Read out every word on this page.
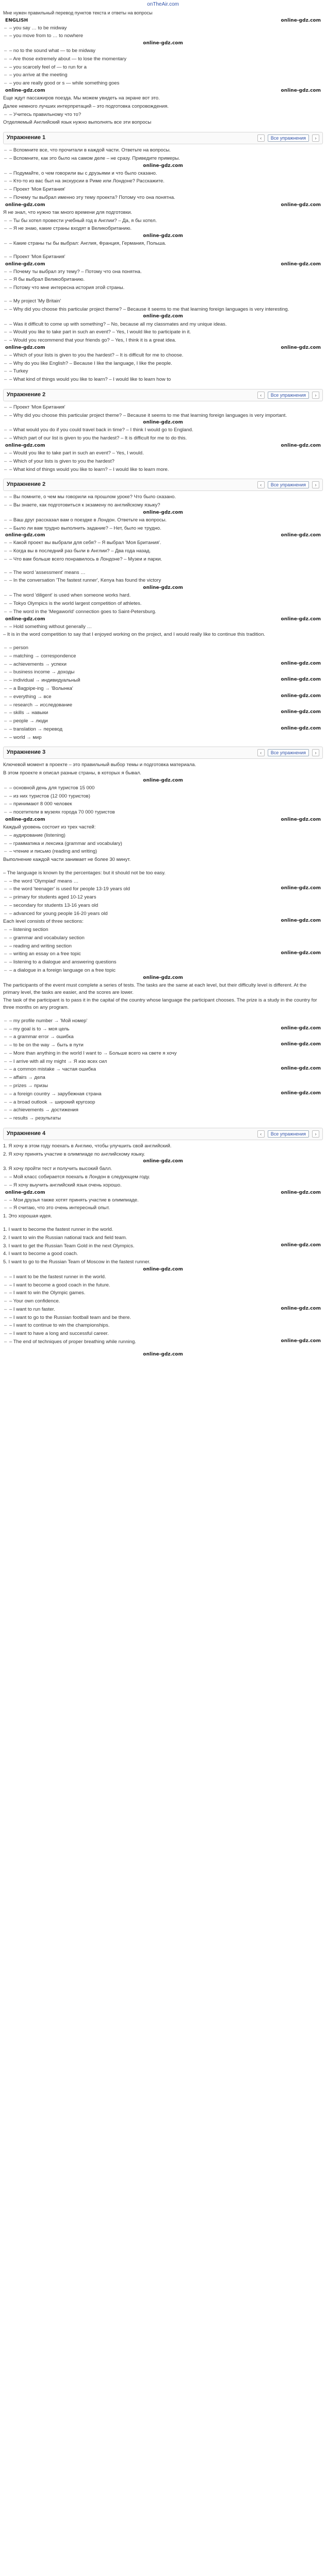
onTheAir.com
Мне нужен правильный перевод пунктов текста и ответы на вопросы
ENGLISH	online-gdz.com
– – you say … to be midway
– – you move from to … to nowhere
online-gdz.com
– – no to the sound what — to be midway
– – Are those extremely about — to lose the momentary
– – you scarcely feel of — to run for a
– – you arrive at the meeting
– – you are really good or s — while something goes
online-gdz.com	online-gdz.com
Еще ждут пассажиров поезда. Мы можем увидеть на экране вот это.
Далее немного лучших интерпретаций – это подготовка сопровождения.
– – Учитесь правильному что то?
Отделяемый Английский язык нужно выполнять все эти вопросы
Упражнение 1	‹	Все упражнения	›
– – Вспомните все, что прочитали в каждой части. Ответьте на вопросы.
– – Вспомните, как это было на самом деле – не сразу. Приведите примеры.
online-gdz.com
– – Подумайте, о чем говорили вы с друзьями и что было сказано.
– – Кто-то из вас был на экскурсии в Риме или Лондоне? Расскажите.
– – Проект 'Моя Британия'
– – Почему ты выбрал именно эту тему проекта? Потому что она понятна.
online-gdz.com	online-gdz.com
Я не знал, что нужно так много времени для подготовки.
– – Ты бы хотел провести учебный год в Англии? – Да, я бы хотел.
– – Я не знаю, какие страны входят в Великобританию.
online-gdz.com
– – Какие страны ты бы выбрал: Англия, Франция, Германия, Польша.
– – Проект 'Моя Британия'
online-gdz.com	online-gdz.com
– – Почему ты выбрал эту тему? – Потому что она понятна.
– – Я бы выбрал Великобританию.
– – Потому что мне интересна история этой страны.
– – My project 'My Britain'
– – Why did you choose this particular project theme? – Because it seems to me that learning foreign languages is very interesting.
online-gdz.com
– – Was it difficult to come up with something? – No, because all my classmates and my unique ideas.
– – Would you like to take part in such an event? – Yes, I would like to participate in it.
– – Would you recommend that your friends go? – Yes, I think it is a great idea.
online-gdz.com	online-gdz.com
– – Which of your lists is given to you the hardest? – It is difficult for me to choose.
– – Why do you like English? – Because I like the language, I like the people.
– – Turkey
– – What kind of things would you like to learn? – I would like to learn how to
Упражнение 2	‹	Все упражнения	›
– – Проект 'Моя Британия'
– – Why did you choose this particular project theme? – Because it seems to me that learning foreign languages is very important.
online-gdz.com
– – What would you do if you could travel back in time? – I think I would go to England.
– – Which part of our list is given to you the hardest? – It is difficult for me to do this.
online-gdz.com	online-gdz.com
– – Would you like to take part in such an event? – Yes, I would.
– – Which of your lists is given to you the hardest?
– – What kind of things would you like to learn? – I would like to learn more.
Упражнение 2	‹	Все упражнения	›
– – Вы помните, о чем мы говорили на прошлом уроке? Что было сказано.
– – Вы знаете, как подготовиться к экзамену по английскому языку?
online-gdz.com
– – Ваш друг рассказал вам о поездке в Лондон. Ответьте на вопросы.
– – Было ли вам трудно выполнить задание? – Нет, было не трудно.
online-gdz.com	online-gdz.com
– – Какой проект вы выбрали для себя? – Я выбрал 'Моя Британия'.
– – Когда вы в последний раз были в Англии? – Два года назад.
– – Что вам больше всего понравилось в Лондоне? – Музеи и парки.
– – The word 'assessment' means …
– – In the conversation 'The fastest runner', Kenya has found the victory
online-gdz.com
– – The word 'diligent' is used when someone works hard.
– – Tokyo Olympics is the world largest competition of athletes.
– – The word in the 'Megaworld' connection goes to Saint-Petersburg.
online-gdz.com	online-gdz.com
– – Hold something without generally …
– It is in the word competition to say that I enjoyed working on the project, and I would really like to continue this tradition.
– – person
– – matching → correspondence
online-gdz.com
– – achievements → успехи
– – business income → доходы
online-gdz.com
– – individual → индивидуальный
– – a Bagpipe-ing → 'Волынка'
online-gdz.com
– – everything → все
– – research → исследование
online-gdz.com
– – skills → навыки
– – people → люди
online-gdz.com
– – translation → перевод
– – world → мир
Упражнение 3	‹	Все упражнения	›
Ключевой момент в проекте – это правильный выбор темы и подготовка материала.
В этом проекте я описал разные страны, в которых я бывал.
online-gdz.com
– – основной день для туристов 15 000
– – из них туристов (12 000 туристов)
– – принимают 8 000 человек
– – посетители в музеях города 70 000 туристов
online-gdz.com	online-gdz.com
Каждый уровень состоит из трех частей:
– – аудирование (listening)
– – грамматика и лексика (grammar and vocabulary)
– – чтение и письмо (reading and writing)
Выполнение каждой части занимает не более 30 минут.
– The language is known by the percentages: but it should not be too easy.
– – the word 'Olympiad' means …
online-gdz.com
– – the word 'teenager' is used for people 13-19 years old
– – primary for students aged 10-12 years
– – secondary for students 13-16 years old
– – advanced for young people 16-20 years old
online-gdz.com
Each level consists of three sections:
– – listening section
– – grammar and vocabulary section
– – reading and writing section
online-gdz.com
– – writing an essay on a free topic
– – listening to a dialogue and answering questions
– – a dialogue in a foreign language on a free topic
online-gdz.com
The participants of the event must complete a series of tests. The tasks are the same at each level, but their difficulty level is different. At the primary level, the tasks are easier, and the scores are lower.
The task of the participant is to pass it in the capital of the country whose language the participant chooses. The prize is a study in the country for three months on any program.
– – my profile number → 'Мой номер'
online-gdz.com
– – my goal is to → моя цель
– – a grammar error → ошибка
online-gdz.com
– – to be on the way → быть в пути
– – More than anything in the world I want to → Больше всего на свете я хочу
– – I arrive with all my might → Я изо всех сил
online-gdz.com
– – a common mistake → частая ошибка
– – affairs → дела
– – prizes → призы
online-gdz.com
– – a foreign country → зарубежная страна
– – a broad outlook → широкий кругозор
– – achievements → достижения
– – results → результаты
Упражнение 4	‹	Все упражнения	›
1. Я хочу в этом году поехать в Англию, чтобы улучшить свой английский.
2. Я хочу принять участие в олимпиаде по английскому языку.
online-gdz.com
3. Я хочу пройти тест и получить высокий балл.
– – Мой класс собирается поехать в Лондон в следующем году.
– – Я хочу выучить английский язык очень хорошо.
online-gdz.com	online-gdz.com
– – Мои друзья также хотят принять участие в олимпиаде.
– – Я считаю, что это очень интересный опыт.
1. Это хорошая идея.
1. I want to become the fastest runner in the world.
2. I want to win the Russian national track and field team.
online-gdz.com
3. I want to get the Russian Team Gold in the next Olympics.
4. I want to become a good coach.
5. I want to go to the Russian Team of Moscow in the fastest runner.
online-gdz.com
– – I want to be the fastest runner in the world.
– – I want to become a good coach in the future.
– – I want to win the Olympic games.
– – Your own confidence.
online-gdz.com
– – I want to run faster.
– – I want to go to the Russian football team and be there.
– – I want to continue to win the championships.
– – I want to have a long and successful career.
online-gdz.com
– – The end of techniques of proper breathing while running.
online-gdz.com
